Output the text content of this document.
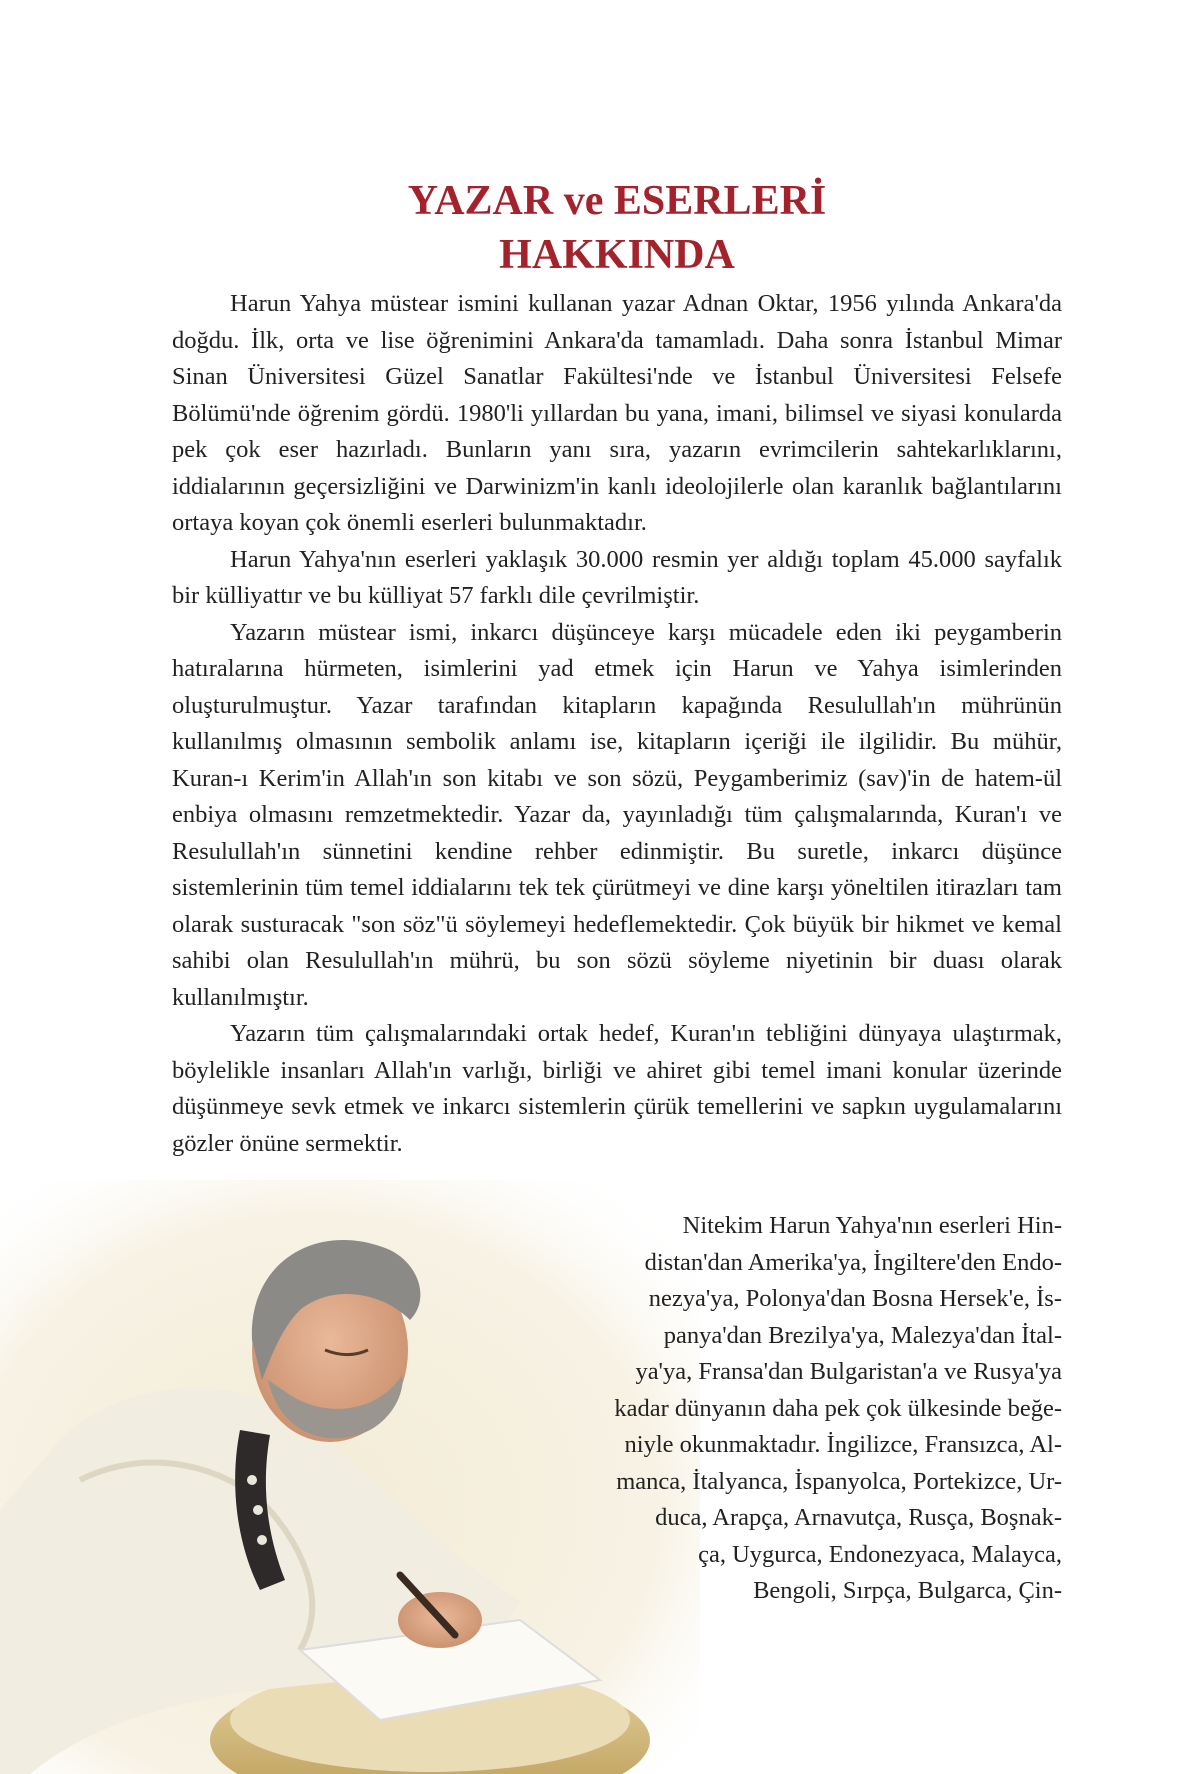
YAZAR ve ESERLERİ
HAKKINDA

Harun Yahya müstear ismini kullanan yazar Adnan Oktar, 1956 yılında Ankara'da doğdu. İlk, orta ve lise öğrenimini Ankara'da tamamladı. Daha sonra İstanbul Mimar Sinan Üniversitesi Güzel Sanatlar Fakültesi'nde ve İstanbul Üniversitesi Felsefe Bölümü'nde öğrenim gördü. 1980'li yıllardan bu yana, imani, bilimsel ve siyasi konularda pek çok eser hazırladı. Bunların yanı sıra, yazarın evrimcilerin sahtekarlıklarını, iddialarının geçersizliğini ve Darwinizm'in kanlı ideolojilerle olan karanlık bağlantılarını ortaya koyan çok önemli eserleri bulunmaktadır.

Harun Yahya'nın eserleri yaklaşık 30.000 resmin yer aldığı toplam 45.000 sayfalık bir külliyattır ve bu külliyat 57 farklı dile çevrilmiştir.

Yazarın müstear ismi, inkarcı düşünceye karşı mücadele eden iki peygamberin hatıralarına hürmeten, isimlerini yad etmek için Harun ve Yahya isimlerinden oluşturulmuştur. Yazar tarafından kitapların kapağında Resulullah'ın mührünün kullanılmış olmasının sembolik anlamı ise, kitapların içeriği ile ilgilidir. Bu mühür, Kuran-ı Kerim'in Allah'ın son kitabı ve son sözü, Peygamberimiz (sav)'in de hatem-ül enbiya olmasını remzetmektedir. Yazar da, yayınladığı tüm çalışmalarında, Kuran'ı ve Resulullah'ın sünnetini kendine rehber edinmiştir. Bu suretle, inkarcı düşünce sistemlerinin tüm temel iddialarını tek tek çürütmeyi ve dine karşı yöneltilen itirazları tam olarak susturacak "son söz"ü söylemeyi hedeflemektedir. Çok büyük bir hikmet ve kemal sahibi olan Resulullah'ın mührü, bu son sözü söyleme niyetinin bir duası olarak kullanılmıştır.

Yazarın tüm çalışmalarındaki ortak hedef, Kuran'ın tebliğini dünyaya ulaştırmak, böylelikle insanları Allah'ın varlığı, birliği ve ahiret gibi temel imani konular üzerinde düşünmeye sevk etmek ve inkarcı sistemlerin çürük temellerini ve sapkın uygulamalarını gözler önüne sermektir.

Nitekim Harun Yahya'nın eserleri Hin-

distan'dan Amerika'ya, İngiltere'den Endo-

nezya'ya, Polonya'dan Bosna Hersek'e, İs-

panya'dan Brezilya'ya, Malezya'dan İtal-

ya'ya, Fransa'dan Bulgaristan'a ve Rusya'ya

kadar dünyanın daha pek çok ülkesinde beğe-

niyle okunmaktadır. İngilizce, Fransızca, Al-

manca, İtalyanca, İspanyolca, Portekizce, Ur-

duca, Arapça, Arnavutça, Rusça, Boşnak-

ça, Uygurca, Endonezyaca, Malayca,

Bengoli, Sırpça, Bulgarca, Çin-
